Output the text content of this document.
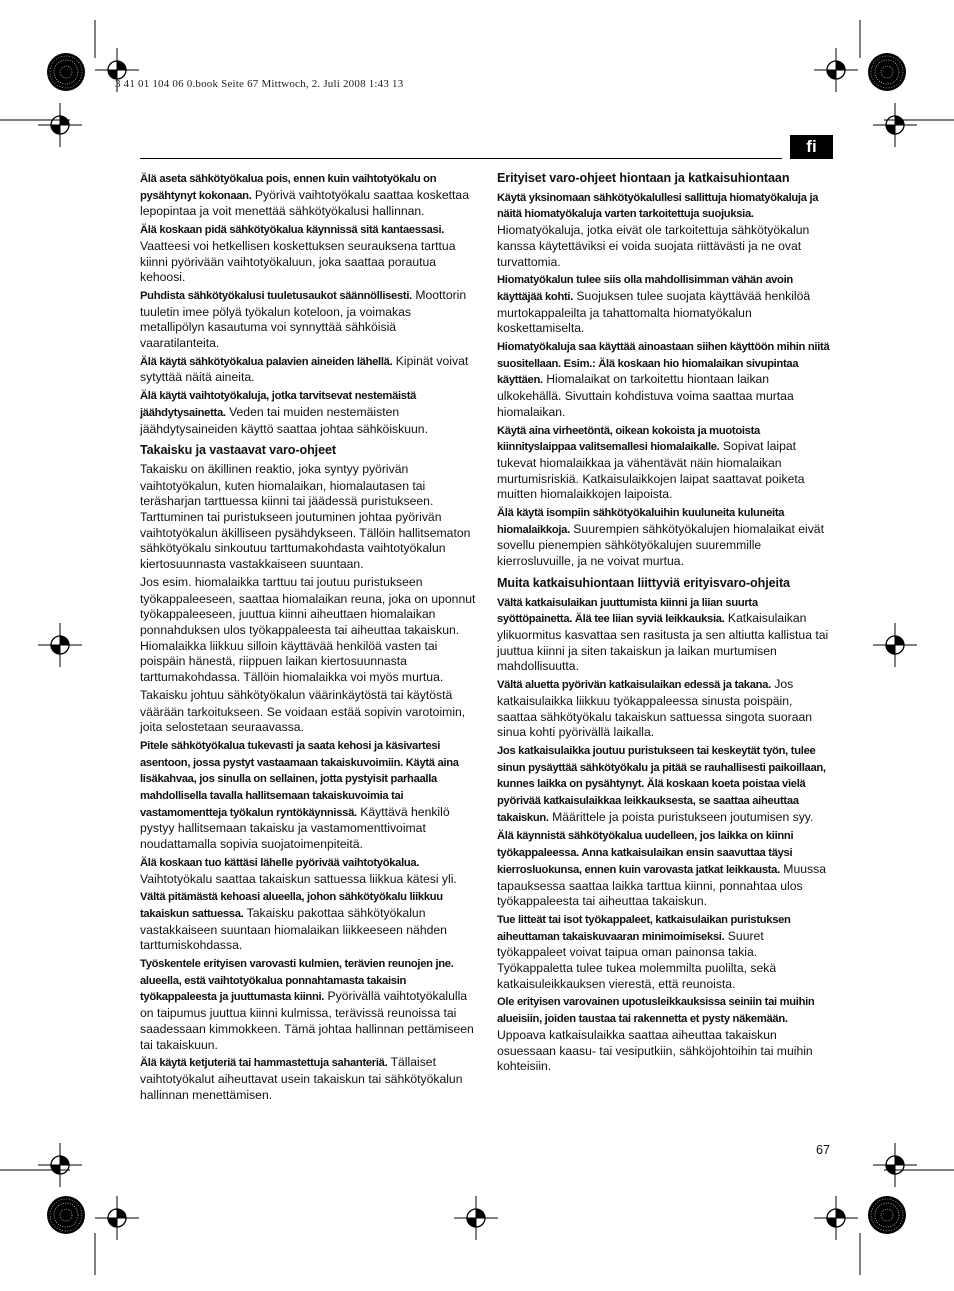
3 41 01 104 06 0.book Seite 67 Mittwoch, 2. Juli 2008 1:43 13
fi

Älä aseta sähkötyökalua pois, ennen kuin vaihtotyökalu on pysähtynyt kokonaan. Pyörivä vaihtotyökalu saattaa koskettaa lepopintaa ja voit menettää sähkötyökalusi hallinnan.

Älä koskaan pidä sähkötyökalua käynnissä sitä kantaessasi. Vaatteesi voi hetkellisen koskettuksen seurauksena tarttua kiinni pyörivään vaihtotyökaluun, joka saattaa porautua kehoosi.

Puhdista sähkötyökalusi tuuletusaukot säännöllisesti. Moottorin tuuletin imee pölyä työkalun koteloon, ja voimakas metallipölyn kasautuma voi synnyttää sähköisiä vaaratilanteita.

Älä käytä sähkötyökalua palavien aineiden lähellä. Kipinät voivat sytyttää näitä aineita.

Älä käytä vaihtotyökaluja, jotka tarvitsevat nestemäistä jäähdytysainetta. Veden tai muiden nestemäisten jäähdytysaineiden käyttö saattaa johtaa sähköiskuun.

Takaisku ja vastaavat varo-ohjeet

Takaisku on äkillinen reaktio, joka syntyy pyörivän vaihtotyökalun, kuten hiomalaikan, hiomalautasen tai teräsharjan tarttuessa kiinni tai jäädessä puristukseen. Tarttuminen tai puristukseen joutuminen johtaa pyörivän vaihtotyökalun äkilliseen pysähdykseen. Tällöin hallitsematon sähkötyökalu sinkoutuu tarttumakohdasta vaihtotyökalun kiertosuunnasta vastakkaiseen suuntaan.

Jos esim. hiomalaikka tarttuu tai joutuu puristukseen työkappaleeseen, saattaa hiomalaikan reuna, joka on uponnut työkappaleeseen, juuttua kiinni aiheuttaen hiomalaikan ponnahduksen ulos työkappaleesta tai aiheuttaa takaiskun. Hiomalaikka liikkuu silloin käyttävää henkilöä vasten tai poispäin hänestä, riippuen laikan kiertosuunnasta tarttumakohdassa. Tällöin hiomalaikka voi myös murtua.

Takaisku johtuu sähkötyökalun väärinkäytöstä tai käytöstä väärään tarkoitukseen. Se voidaan estää sopivin varotoimin, joita selostetaan seuraavassa.

Pitele sähkötyökalua tukevasti ja saata kehosi ja käsivartesi asentoon, jossa pystyt vastaamaan takaiskuvoimiin. Käytä aina lisäkahvaa, jos sinulla on sellainen, jotta pystyisit parhaalla mahdollisella tavalla hallitsemaan takaiskuvoimia tai vastamomentteja työkalun ryntökäynnissä. Käyttävä henkilö pystyy hallitsemaan takaisku ja vastamomenttivoimat noudattamalla sopivia suojatoimenpiteitä.

Älä koskaan tuo kättäsi lähelle pyörivää vaihtotyökalua. Vaihtotyökalu saattaa takaiskun sattuessa liikkua kätesi yli.

Vältä pitämästä kehoasi alueella, johon sähkötyökalu liikkuu takaiskun sattuessa. Takaisku pakottaa sähkötyökalun vastakkaiseen suuntaan hiomalaikan liikkeeseen nähden tarttumiskohdassa.

Työskentele erityisen varovasti kulmien, terävien reunojen jne. alueella, estä vaihtotyökalua ponnahtamasta takaisin työkappaleesta ja juuttumasta kiinni. Pyörivällä vaihtotyökalulla on taipumus juuttua kiinni kulmissa, terävissä reunoissa tai saadessaan kimmokkeen. Tämä johtaa hallinnan pettämiseen tai takaiskuun.

Älä käytä ketjuteriä tai hammastettuja sahanteriä. Tällaiset vaihtotyökalut aiheuttavat usein takaiskun tai sähkötyökalun hallinnan menettämisen.

Erityiset varo-ohjeet hiontaan ja katkaisuhiontaan

Käytä yksinomaan sähkötyökalullesi sallittuja hiomatyökaluja ja näitä hiomatyökaluja varten tarkoitettuja suojuksia. Hiomatyökaluja, jotka eivät ole tarkoitettuja sähkötyökalun kanssa käytettäviksi ei voida suojata riittävästi ja ne ovat turvattomia.

Hiomatyökalun tulee siis olla mahdollisimman vähän avoin käyttäjää kohti. Suojuksen tulee suojata käyttävää henkilöä murtokappaleilta ja tahattomalta hiomatyökalun koskettamiselta.

Hiomatyökaluja saa käyttää ainoastaan siihen käyttöön mihin niitä suositellaan. Esim.: Älä koskaan hio hiomalaikan sivupintaa käyttäen. Hiomalaikat on tarkoitettu hiontaan laikan ulkokehällä. Sivuttain kohdistuva voima saattaa murtaa hiomalaikan.

Käytä aina virheetöntä, oikean kokoista ja muotoista kiinnityslaippaa valitsemallesi hiomalaikalle. Sopivat laipat tukevat hiomalaikkaa ja vähentävät näin hiomalaikan murtumisriskiä. Katkaisulaikkojen laipat saattavat poiketa muitten hiomalaikkojen laipoista.

Älä käytä isompiin sähkötyökaluihin kuuluneita kuluneita hiomalaikkoja. Suurempien sähkötyökalujen hiomalaikat eivät sovellu pienempien sähkötyökalujen suuremmille kierrosluvuille, ja ne voivat murtua.

Muita katkaisuhiontaan liittyviä erityisvaro-ohjeita

Vältä katkaisulaikan juuttumista kiinni ja liian suurta syöttöpainetta. Älä tee liian syviä leikkauksia. Katkaisulaikan ylikuormitus kasvattaa sen rasitusta ja sen altiutta kallistua tai juuttua kiinni ja siten takaiskun ja laikan murtumisen mahdollisuutta.

Vältä aluetta pyörivän katkaisulaikan edessä ja takana. Jos katkaisulaikka liikkuu työkappaleessa sinusta poispäin, saattaa sähkötyökalu takaiskun sattuessa singota suoraan sinua kohti pyörivällä laikalla.

Jos katkaisulaikka joutuu puristukseen tai keskeytät työn, tulee sinun pysäyttää sähkötyökalu ja pitää se rauhallisesti paikoillaan, kunnes laikka on pysähtynyt. Älä koskaan koeta poistaa vielä pyörivää katkaisulaikkaa leikkauksesta, se saattaa aiheuttaa takaiskun. Määrittele ja poista puristukseen joutumisen syy.

Älä käynnistä sähkötyökalua uudelleen, jos laikka on kiinni työkappaleessa. Anna katkaisulaikan ensin saavuttaa täysi kierrosluokunsa, ennen kuin varovasta jatkat leikkausta. Muussa tapauksessa saattaa laikka tarttua kiinni, ponnahtaa ulos työkappaleesta tai aiheuttaa takaiskun.

Tue litteät tai isot työkappaleet, katkaisulaikan puristuksen aiheuttaman takaiskuvaaran minimoimiseksi. Suuret työkappaleet voivat taipua oman painonsa takia. Työkappaletta tulee tukea molemmilta puolilta, sekä katkaisuleikkauksen vierestä, että reunoista.

Ole erityisen varovainen upotusleikkauksissa seiniin tai muihin alueisiin, joiden taustaa tai rakennetta et pysty näkemään. Uppoava katkaisulaikka saattaa aiheuttaa takaiskun osuessaan kaasu- tai vesiputkiin, sähköjohtoihin tai muihin kohteisiin.

67
